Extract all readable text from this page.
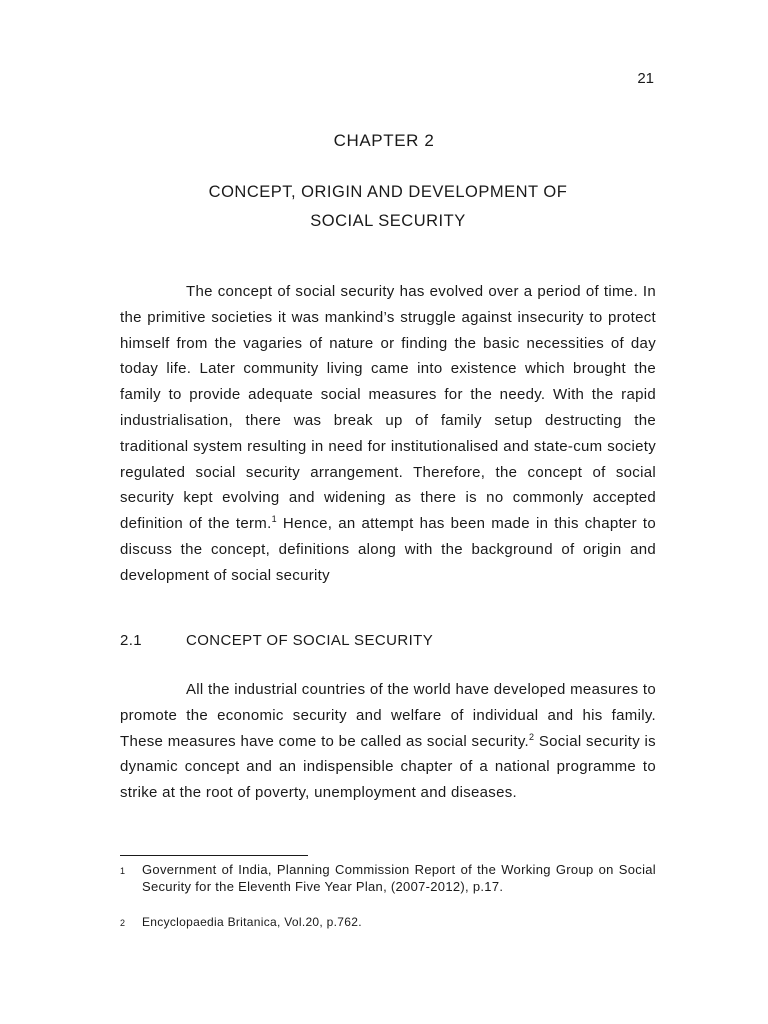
21
CHAPTER 2
CONCEPT, ORIGIN AND DEVELOPMENT OF
SOCIAL SECURITY

The concept of social security has evolved over a period of time. In the primitive societies it was mankind’s struggle against insecurity to protect himself from the vagaries of nature or finding the basic necessities of day today life. Later community living came into existence which brought the family to provide adequate social measures for the needy. With the rapid industrialisation, there was break up of family setup destructing the traditional system resulting in need for institutionalised and state-cum society regulated social security arrangement. Therefore, the concept of social security kept evolving and widening as there is no commonly accepted definition of the term.$^1$ Hence, an attempt has been made in this chapter to discuss the concept, definitions along with the background of origin and development of social security

2.1	CONCEPT OF SOCIAL SECURITY

All the industrial countries of the world have developed measures to promote the economic security and welfare of individual and his family. These measures have come to be called as social security.$^2$ Social security is dynamic concept and an indispensible chapter of a national programme to strike at the root of poverty, unemployment and diseases.

1	Government of India, Planning Commission Report of the Working Group on Social Security for the Eleventh Five Year Plan, (2007-2012), p.17.
2	Encyclopaedia Britanica, Vol.20, p.762.
